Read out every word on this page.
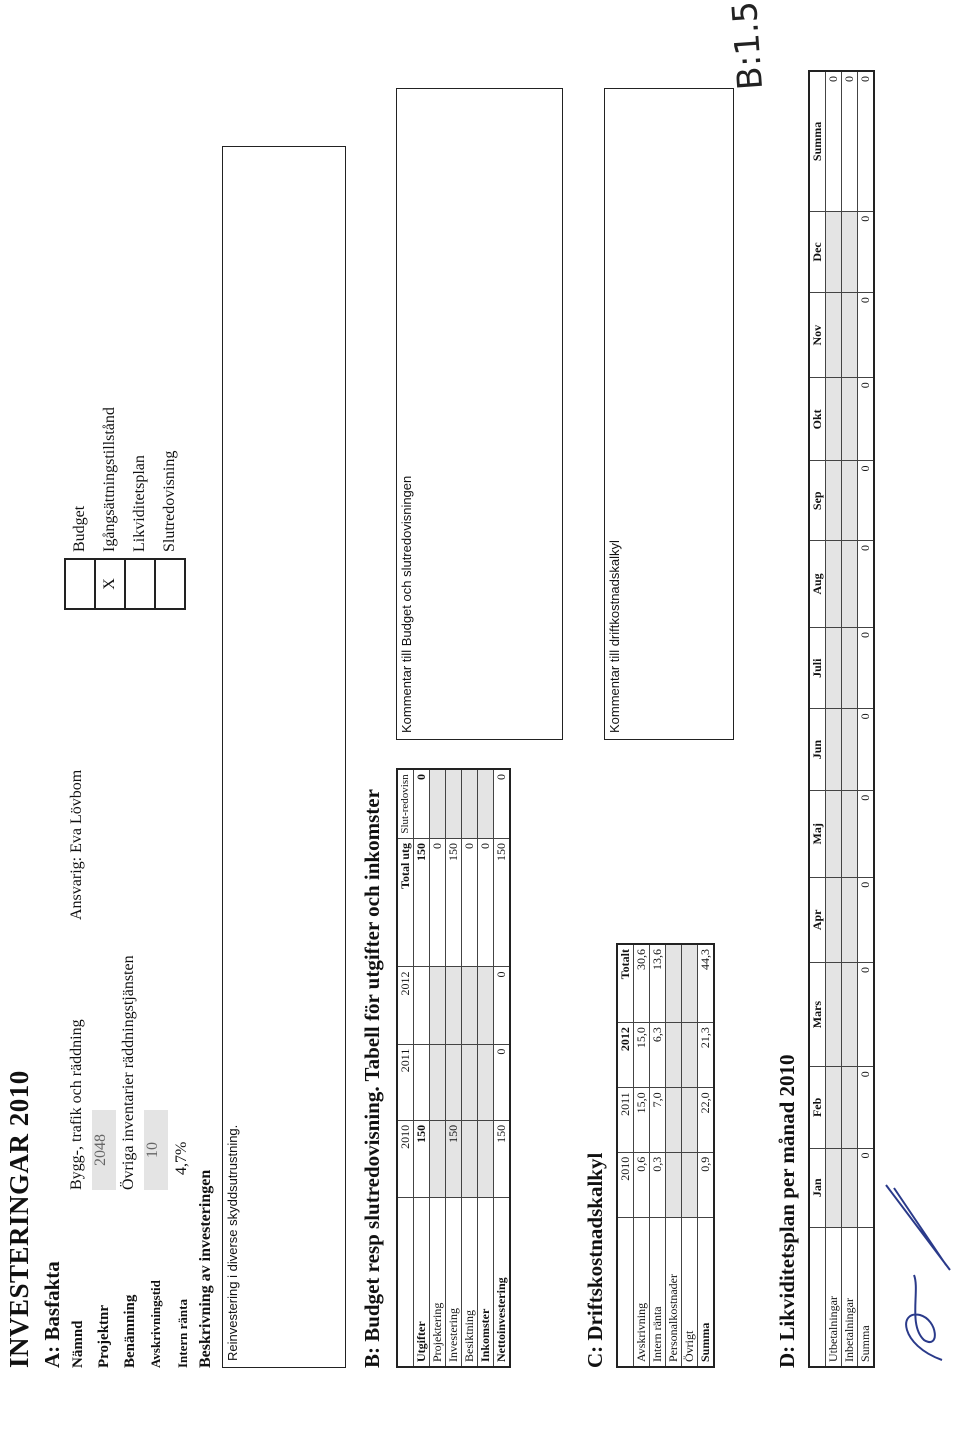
INVESTERINGAR 2010 A: Basfakta Nämnd
Bygg-, trafik och räddning
Projektnr
2048
Benämning
Övriga inventarier räddningstjänsten
Avskrivningstid
10
Intern ränta
4,7%
Ansvarig: Eva Lövbom
Beskrivning av investeringen Reinvestering i diverse skyddsutrustning.
	Budget
X	Igångsättningstillstånd
	Likviditetsplan
	Slutredovisning
B: Budget resp slutredovisning. Tabell för utgifter och inkomster
	2010	2011	2012	Total utg	Slut-redovisn
Utgifter	150			150	0
Projektering				0	
Investering	150			150	
Besiktning				0	
Inkomster				0	
Nettoinvestering	150	0	0	150	0
Kommentar till Budget och slutredovisningen
C: Driftskostnadskalkyl
	2010	2011	2012	Totalt
Avskrivning	0,6	15,0	15,0	30,6
Intern ränta	0,3	7,0	6,3	13,6
Personalkostnader				
Övrigt				
Summa	0,9	22,0	21,3	44,3
Kommentar till driftkostnadskalkyl
D: Likviditetsplan per månad 2010
	Jan	Feb	Mars	Apr	Maj	Jun	Juli	Aug	Sep	Okt	Nov	Dec	Summa
Utbetalningar													0
Inbetalningar													0
Summa	0	0	0	0	0	0	0	0	0	0	0	0	0
B:1.5
